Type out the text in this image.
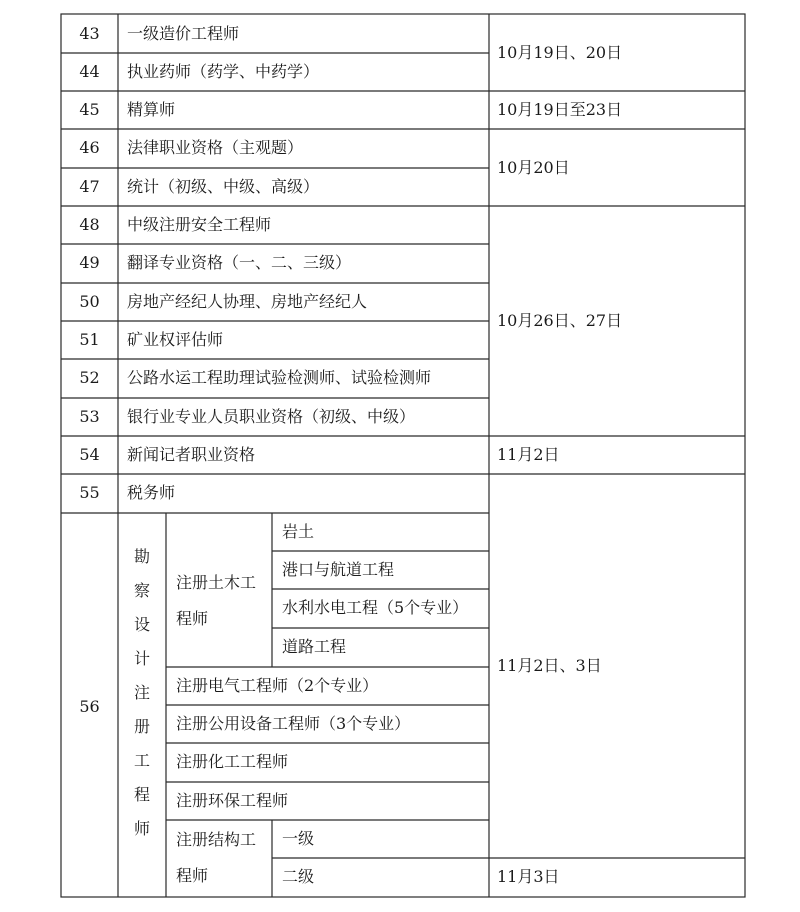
43
44
45
46
47
48
49
50
51
52
53
54
55
56
一级造价工程师
执业药师（药学、中药学）
精算师
法律职业资格（主观题）
统计（初级、中级、高级）
中级注册安全工程师
翻译专业资格（一、二、三级）
房地产经纪人协理、房地产经纪人
矿业权评估师
公路水运工程助理试验检测师、试验检测师
银行业专业人员职业资格（初级、中级）
新闻记者职业资格
税务师
勘察设计注册工程师
注册土木工程师
岩土
港口与航道工程
水利水电工程（5个专业）
道路工程
注册电气工程师（2个专业）
注册公用设备工程师（3个专业）
注册化工工程师
注册环保工程师
注册结构工程师
一级
二级
10月19日、20日
10月19日至23日
10月20日
10月26日、27日
11月2日
11月2日、3日
11月3日
